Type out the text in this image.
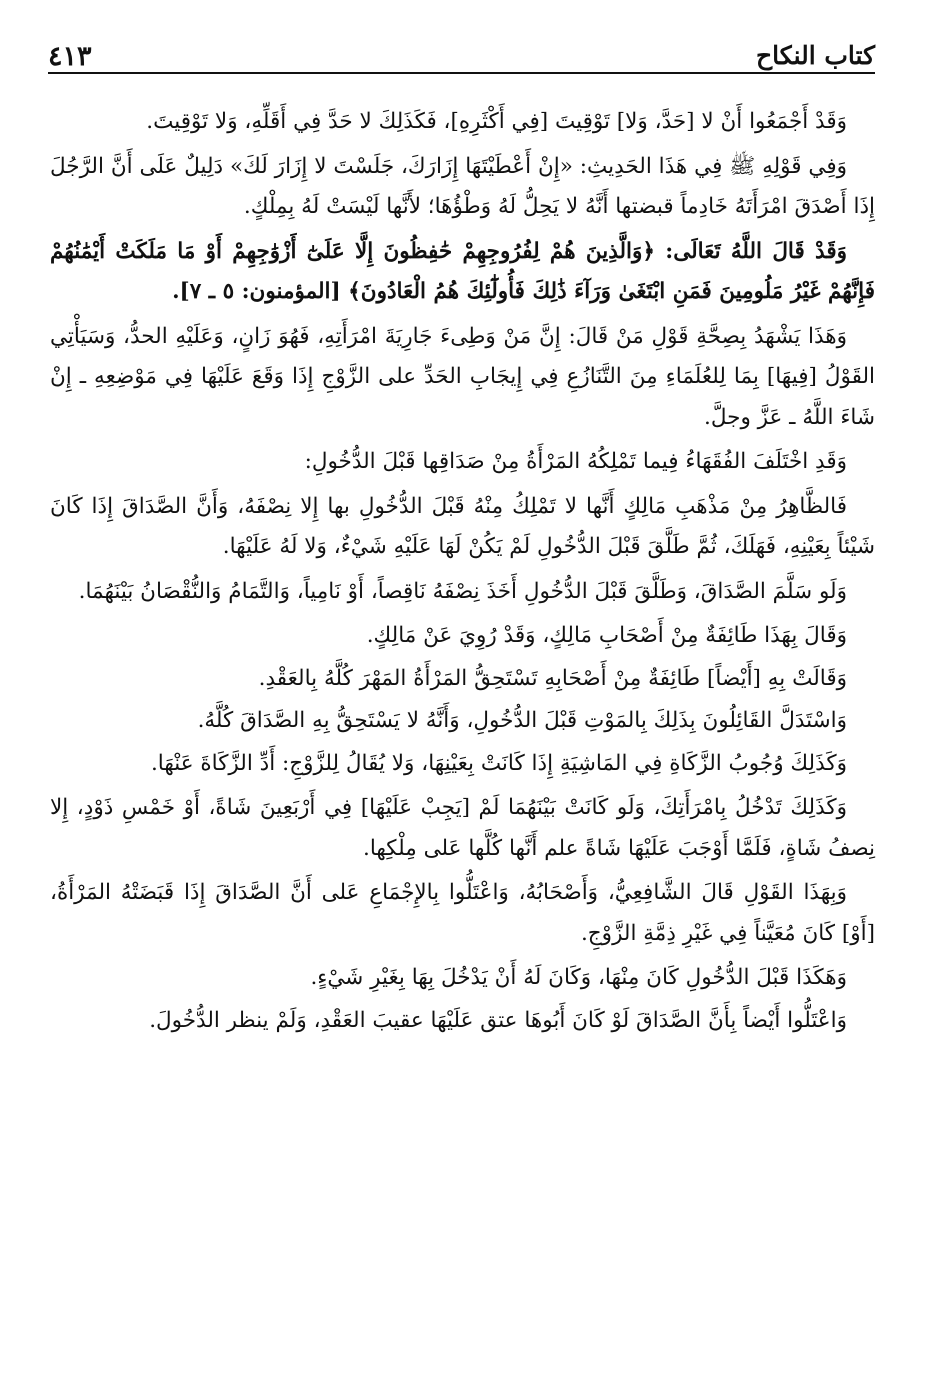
كتاب النكاح
٤١٣

وَقَدْ أَجْمَعُوا أَنْ لا [حَدَّ، وَلا] تَوْقِيتَ [فِي أَكْثَرِهِ]، فَكَذَلِكَ لا حَدَّ فِي أَقَلِّهِ، وَلا تَوْقِيتَ.

وَفِي قَوْلِهِ ﷺ فِي هَذَا الحَدِيثِ: «إِنْ أَعْطَيْتَهَا إِزَارَكَ، جَلَسْتَ لا إِزَارَ لَكَ» دَلِيلٌ عَلَى أَنَّ الرَّجُلَ إِذَا أَصْدَقَ امْرَأَتَهُ خَادِماً قبضتها أَنَّهُ لا يَحِلُّ لَهُ وَطْؤُهَا؛ لأَنَّها لَيْسَتْ لَهُ بِمِلْكٍ.

وَقَدْ قَالَ اللَّهُ تَعَالَى: ﴿وَالَّذِينَ هُمْ لِفُرُوجِهِمْ حَٰفِظُونَ إِلَّا عَلَىٰٓ أَزْوَٰجِهِمْ أَوْ مَا مَلَكَتْ أَيْمَٰنُهُمْ فَإِنَّهُمْ غَيْرُ مَلُومِينَ فَمَنِ ابْتَغَىٰ وَرَآءَ ذَٰلِكَ فَأُولَٰٓئِكَ هُمُ الْعَادُونَ﴾ [المؤمنون: ٥ ـ ٧].

وَهَذَا يَشْهَدُ بِصِحَّةِ قَوْلِ مَنْ قَالَ: إِنَّ مَنْ وَطِىءَ جَارِيَةَ امْرَأَتِهِ، فَهُوَ زَانٍ، وَعَلَيْهِ الحدُّ، وَسَيَأْتِي القَوْلُ [فِيهَا] بِمَا لِلعُلَمَاءِ مِنَ التَّنَازُعِ فِي إِيجَابِ الحَدِّ على الزَّوْجِ إِذَا وَقَعَ عَلَيْهَا فِي مَوْضِعِهِ ـ إِنْ شَاءَ اللَّهُ ـ عَزَّ وجلَّ.

وَقَدِ اخْتَلَفَ الفُقَهَاءُ فِيما تَمْلِكُهُ المَرْأَةُ مِنْ صَدَاقِها قَبْلَ الدُّخُولِ:

فَالظَّاهِرُ مِنْ مَذْهَبِ مَالِكٍ أَنَّها لا تَمْلِكُ مِنْهُ قَبْلَ الدُّخُولِ بها إِلا نِصْفَهُ، وَأَنَّ الصَّدَاقَ إِذَا كَانَ شَيْئاً بِعَيْنِهِ، فَهَلَكَ، ثُمَّ طَلَّقَ قَبْلَ الدُّخُولِ لَمْ يَكُنْ لَهَا عَلَيْهِ شَيْءٌ، وَلا لَهُ عَلَيْهَا.

وَلَو سَلَّمَ الصَّدَاقَ، وَطَلَّقَ قَبْلَ الدُّخُولِ أَخَذَ نِصْفَهُ نَاقِصاً، أَوْ نَامِياً، وَالتَّمَامُ وَالنُّقْصَانُ بَيْنَهُمَا.

وَقَالَ بِهَذَا طَائِفَةٌ مِنْ أَصْحَابِ مَالِكٍ، وَقَدْ رُوِيَ عَنْ مَالِكٍ.

وَقَالَتْ بِهِ [أَيْضاً] طَائِفَةٌ مِنْ أَصْحَابِهِ تَسْتَحِقُّ المَرْأَةُ المَهْرَ كُلَّهُ بِالعَقْدِ.

وَاسْتَدَلَّ القَائِلُونَ بِذَلِكَ بِالمَوْتِ قَبْلَ الدُّخُولِ، وَأَنَّهُ لا يَسْتَحِقُّ بِهِ الصَّدَاقَ كُلَّهُ.

وَكَذَلِكَ وُجُوبُ الزَّكَاةِ فِي المَاشِيَةِ إِذَا كَانَتْ بِعَيْنِهَا، وَلا يُقَالُ لِلزَّوْجِ: أَدِّ الزَّكَاةَ عَنْهَا.

وَكَذَلِكَ تَدْخُلُ بِامْرَأَتِكَ، وَلَو كَانَتْ بَيْنَهُمَا لَمْ [يَجِبْ عَلَيْهَا] فِي أَرْبَعِينَ شَاةً، أَوْ خَمْسِ ذَوْدٍ، إِلا نِصفُ شَاةٍ، فَلَمَّا أَوْجَبَ عَلَيْهَا شَاةً علم أَنَّها كُلَّها عَلى مِلْكِها.

وَبِهَذَا القَوْلِ قَالَ الشَّافِعِيُّ، وَأَصْحَابُهُ، وَاعْتَلُّوا بِالإِجْمَاعِ عَلى أَنَّ الصَّدَاقَ إِذَا قَبَضَتْهُ المَرْأَةُ، [أَوْ] كَانَ مُعَيَّناً فِي غَيْرِ ذِمَّةِ الزَّوْجِ.

وَهَكَذَا قَبْلَ الدُّخُولِ كَانَ مِنْهَا، وَكَانَ لَهُ أَنْ يَدْخُلَ بِهَا بِغَيْرِ شَيْءٍ.

وَاعْتَلُّوا أَيْضاً بِأَنَّ الصَّدَاقَ لَوْ كَانَ أَبُوهَا عتق عَلَيْهَا عقيبَ العَقْدِ، وَلَمْ ينظر الدُّخُولَ.
